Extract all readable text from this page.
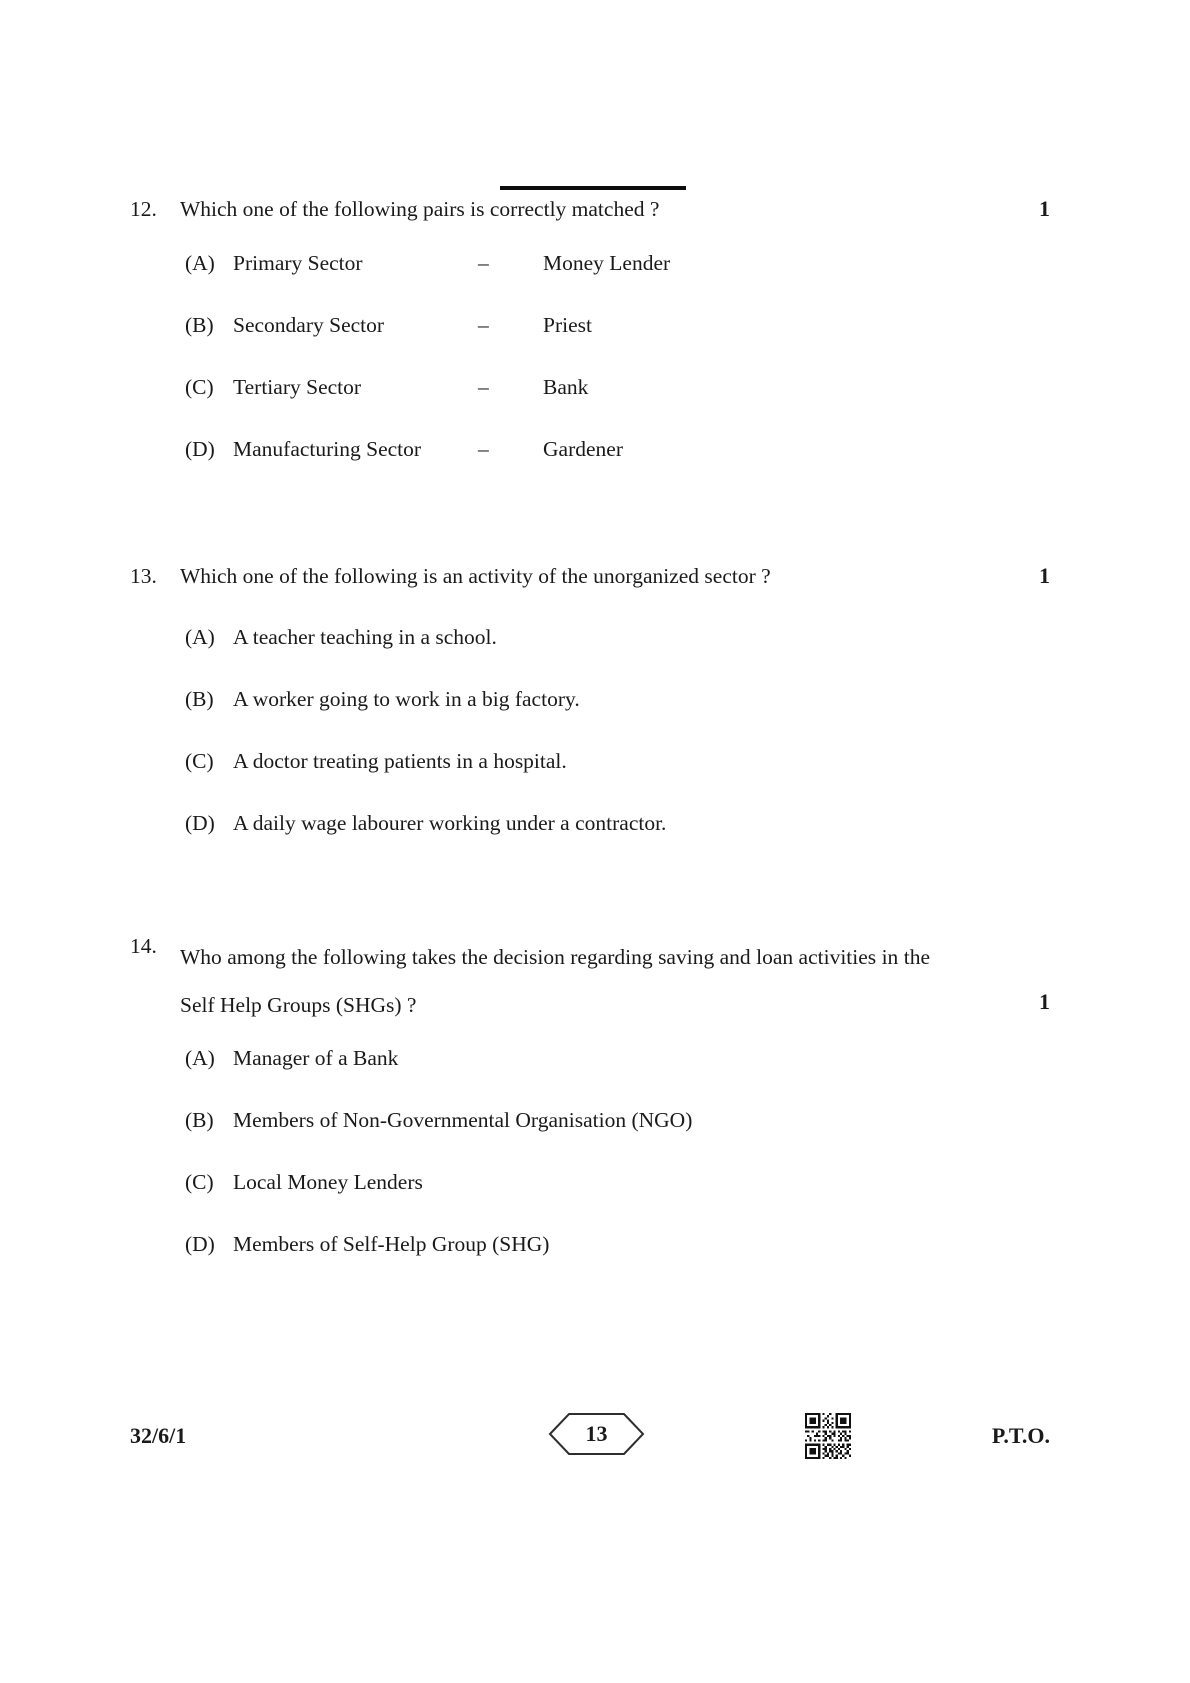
12.	Which one of the following pairs is correctly matched ?	1
(A) Primary Sector	–	Money Lender
(B) Secondary Sector	–	Priest
(C) Tertiary Sector	–	Bank
(D) Manufacturing Sector	–	Gardener
13.	Which one of the following is an activity of the unorganized sector ?	1
(A) A teacher teaching in a school.
(B) A worker going to work in a big factory.
(C) A doctor treating patients in a hospital.
(D) A daily wage labourer working under a contractor.
14.	Who among the following takes the decision regarding saving and loan activities in the Self Help Groups (SHGs) ?	1
(A) Manager of a Bank
(B) Members of Non-Governmental Organisation (NGO)
(C) Local Money Lenders
(D) Members of Self-Help Group (SHG)
32/6/1	13	P.T.O.
